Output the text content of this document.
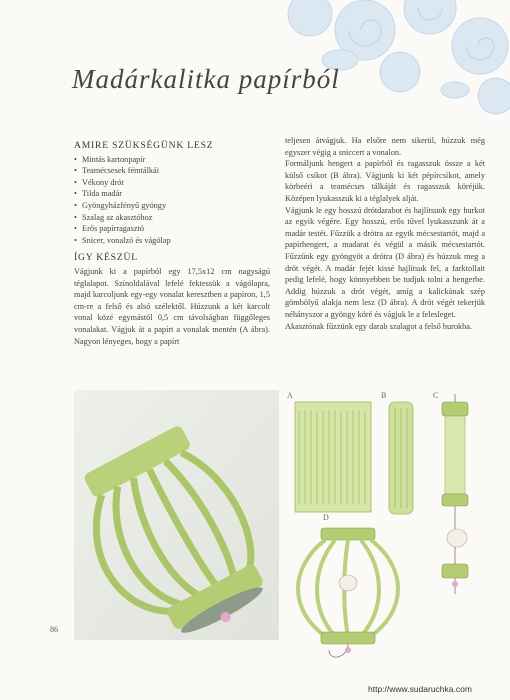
Madárkalitka papírból
AMIRE SZÜKSÉGÜNK LESZ
• Mintás kartonpapír
• Teamécsesek fémtálkái
• Vékony drót
• Tilda madár
• Gyöngyházfényű gyöngy
• Szalag az akasztóhoz
• Erős papírragasztó
• Snicer, vonalzó és vágólap
ÍGY KÉSZÜL

Vágjunk ki a papírból egy 17,5x12 cm nagyságú téglalapot. Színoldalával lefelé fektessük a vágólapra, majd karcoljunk egy-egy vonalat keresztben a papíron, 1,5 cm-re a felső és alsó szélektől. Húzzunk a két karcolt vonal közé egymástól 0,5 cm távolságban függőleges vonalakat. Vágjuk át a papírt a vonalak mentén (A ábra). Nagyon lényeges, hogy a papírt

teljesen átvágjuk. Ha elsőre nem sikerül, húzzuk még egyszer végig a sniccert a vonalon.

Formáljunk hengert a papírból és ragasszuk össze a két külső csíkot (B ábra). Vágjunk ki két pépírcsíkot, amely körbeéri a teamécses tálkáját és ragasszuk köréjük. Középen lyukasszuk ki a téglalyek alját.

Vágjunk le egy hosszú drótdarabot és hajlítsunk egy hurkot az egyik végére. Egy hosszú, erős tűvel lyukasszunk át a madár testét. Fűzzük a drótra az egyik mécsestartót, majd a papírhengert, a madarat és végül a másik mécsestartót. Fűzzünk egy gyöngyöt a drótra (D ábra) és húzzuk meg a drót végét. A madár fejét kissé hajlítsuk fel, a farktollait pedig lefelé, hogy könnyebben be tudjuk tolni a hengerbe. Addig húzzuk a drót végét, amíg a kalickának szép gömbölyű alakja nem lesz (D ábra). A drót végét tekerjük néhányszor a gyöngy köré és vágjuk le a felesleget.

Akasztónak fűzzünk egy darab szalagot a felső hurokba.

A	B	C
D
86
http://www.sudaruchka.com
